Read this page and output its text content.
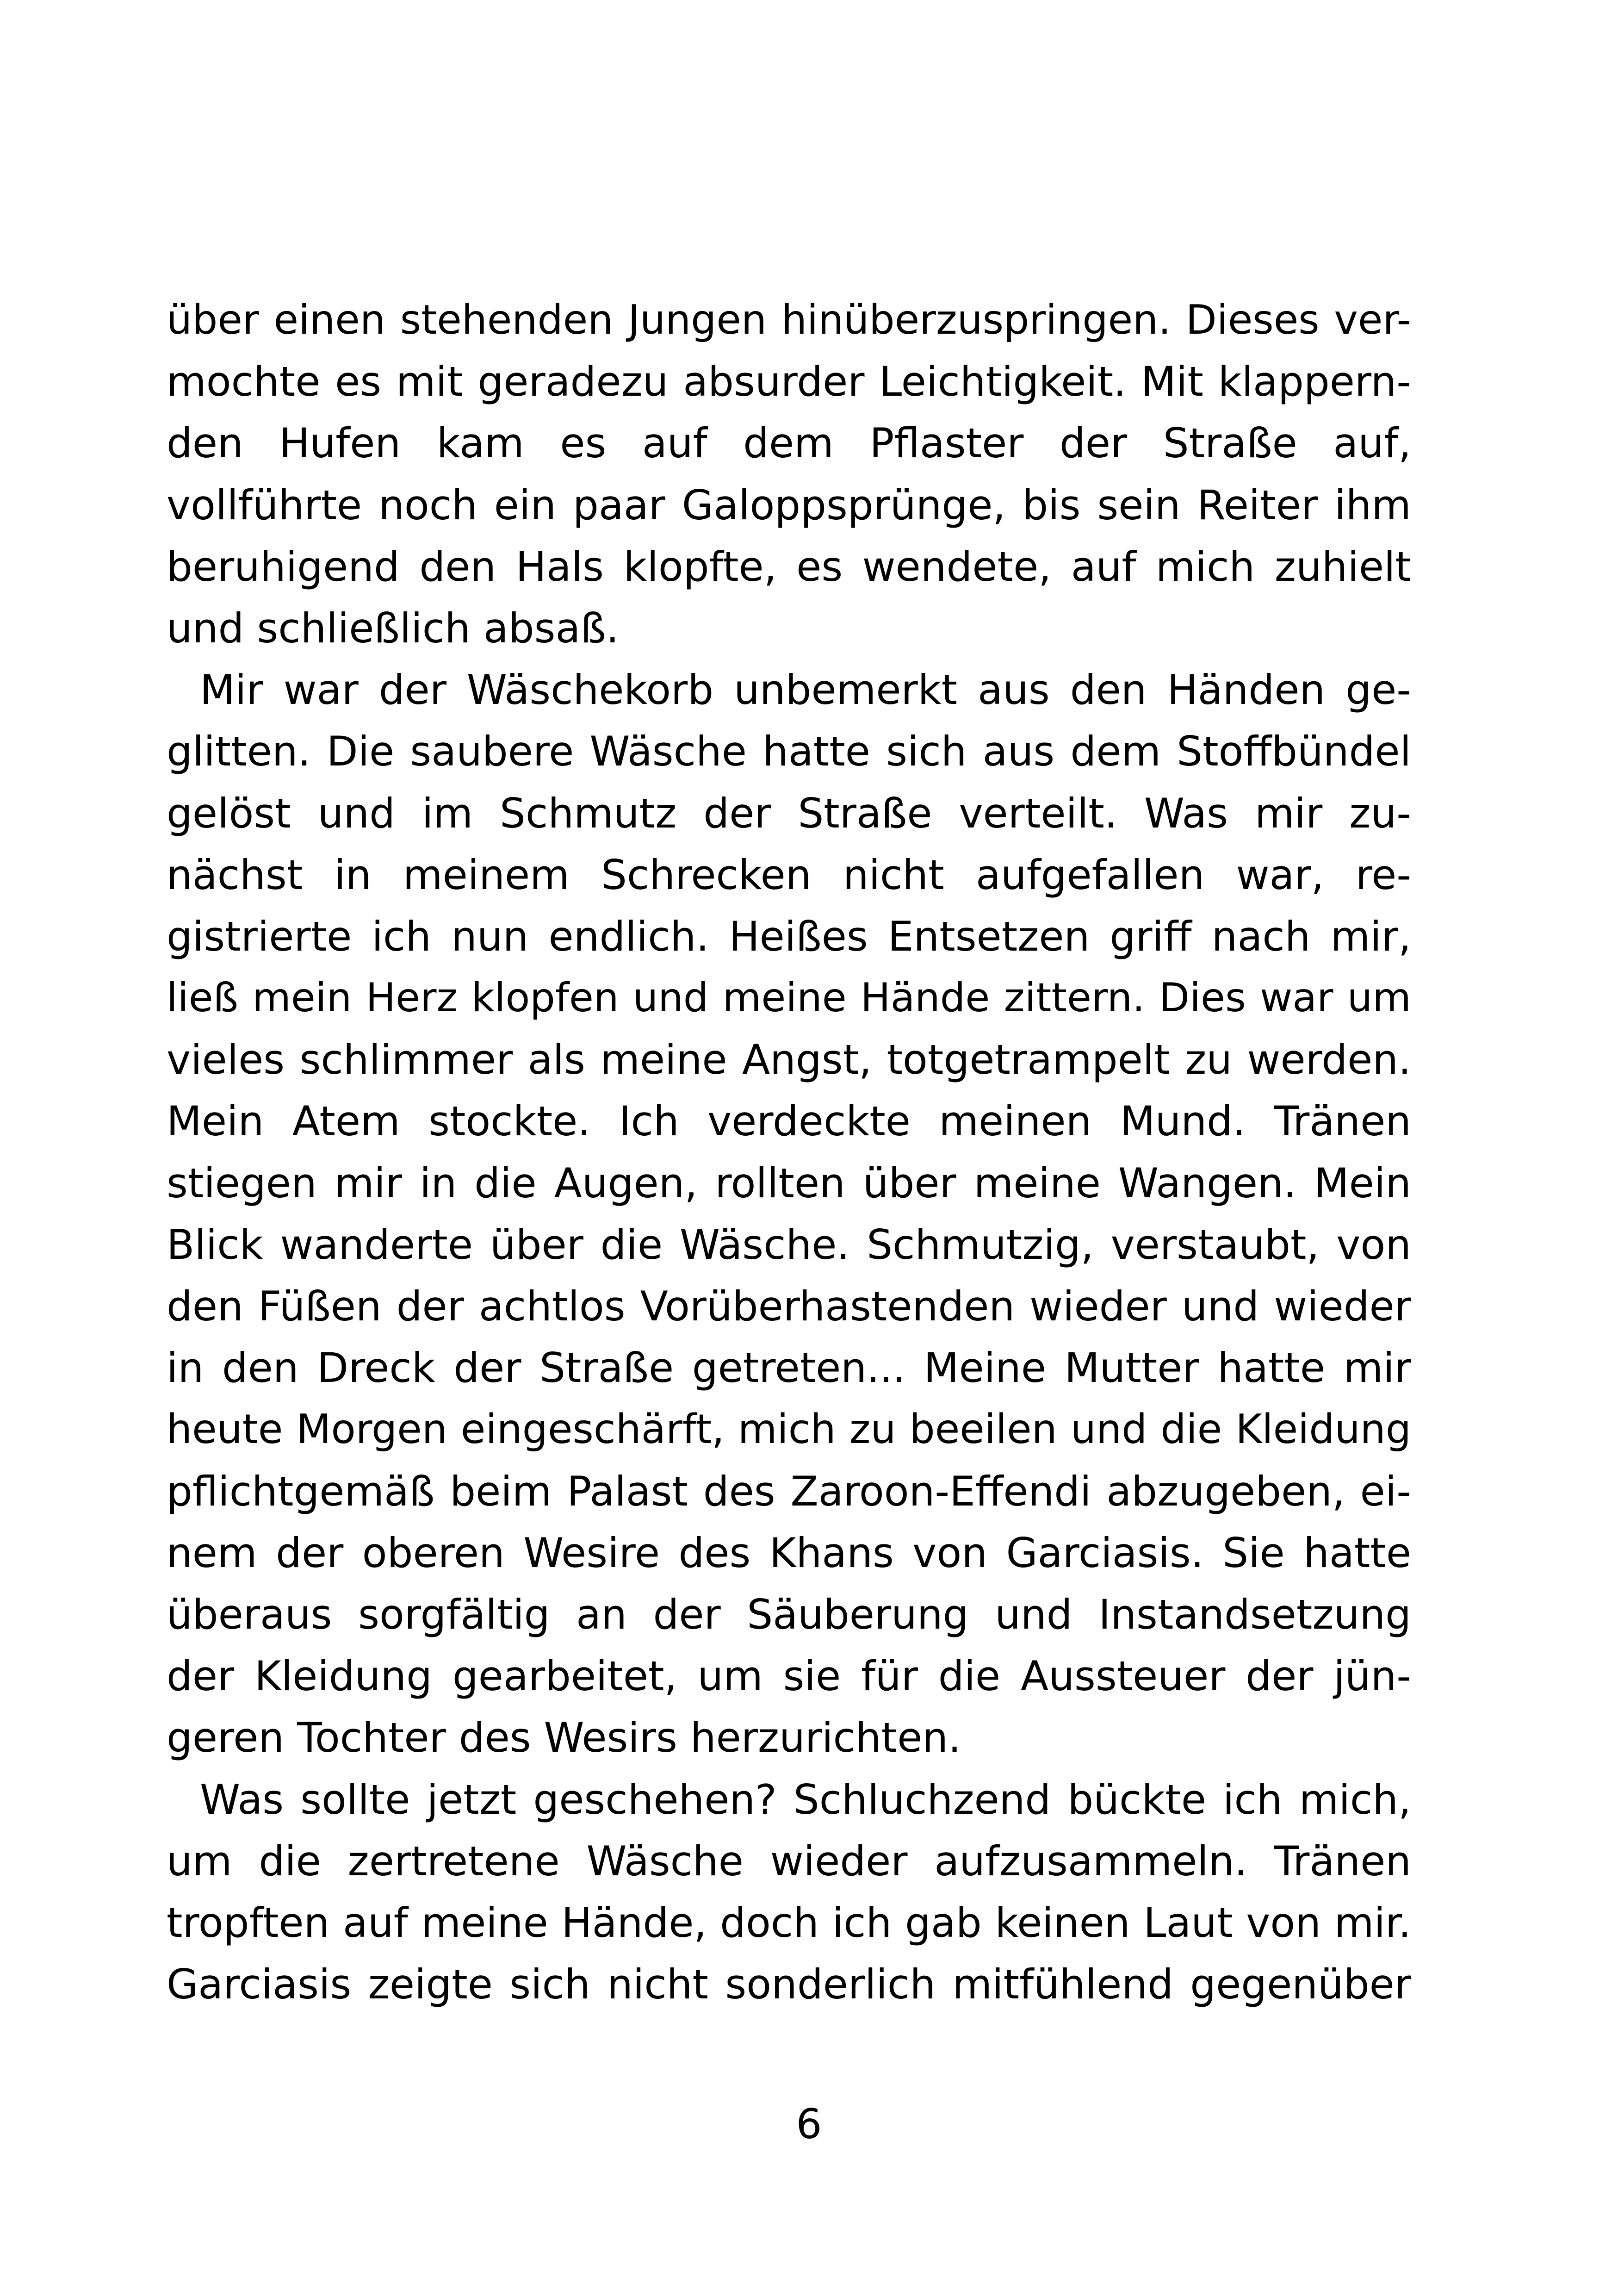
über einen stehenden Jungen hinüberzuspringen. Dieses ver-
mochte es mit geradezu absurder Leichtigkeit. Mit klappern-
den Hufen kam es auf dem Pflaster der Straße auf,
vollführte noch ein paar Galoppsprünge, bis sein Reiter ihm
beruhigend den Hals klopfte, es wendete, auf mich zuhielt
und schließlich absaß.
Mir war der Wäschekorb unbemerkt aus den Händen ge-
glitten. Die saubere Wäsche hatte sich aus dem Stoffbündel
gelöst und im Schmutz der Straße verteilt. Was mir zu-
nächst in meinem Schrecken nicht aufgefallen war, re-
gistrierte ich nun endlich. Heißes Entsetzen griff nach mir,
ließ mein Herz klopfen und meine Hände zittern. Dies war um
vieles schlimmer als meine Angst, totgetrampelt zu werden.
Mein Atem stockte. Ich verdeckte meinen Mund. Tränen
stiegen mir in die Augen, rollten über meine Wangen. Mein
Blick wanderte über die Wäsche. Schmutzig, verstaubt, von
den Füßen der achtlos Vorüberhastenden wieder und wieder
in den Dreck der Straße getreten... Meine Mutter hatte mir
heute Morgen eingeschärft, mich zu beeilen und die Kleidung
pflichtgemäß beim Palast des Zaroon-Effendi abzugeben, ei-
nem der oberen Wesire des Khans von Garciasis. Sie hatte
überaus sorgfältig an der Säuberung und Instandsetzung
der Kleidung gearbeitet, um sie für die Aussteuer der jün-
geren Tochter des Wesirs herzurichten.
Was sollte jetzt geschehen? Schluchzend bückte ich mich,
um die zertretene Wäsche wieder aufzusammeln. Tränen
tropften auf meine Hände, doch ich gab keinen Laut von mir.
Garciasis zeigte sich nicht sonderlich mitfühlend gegenüber
6
